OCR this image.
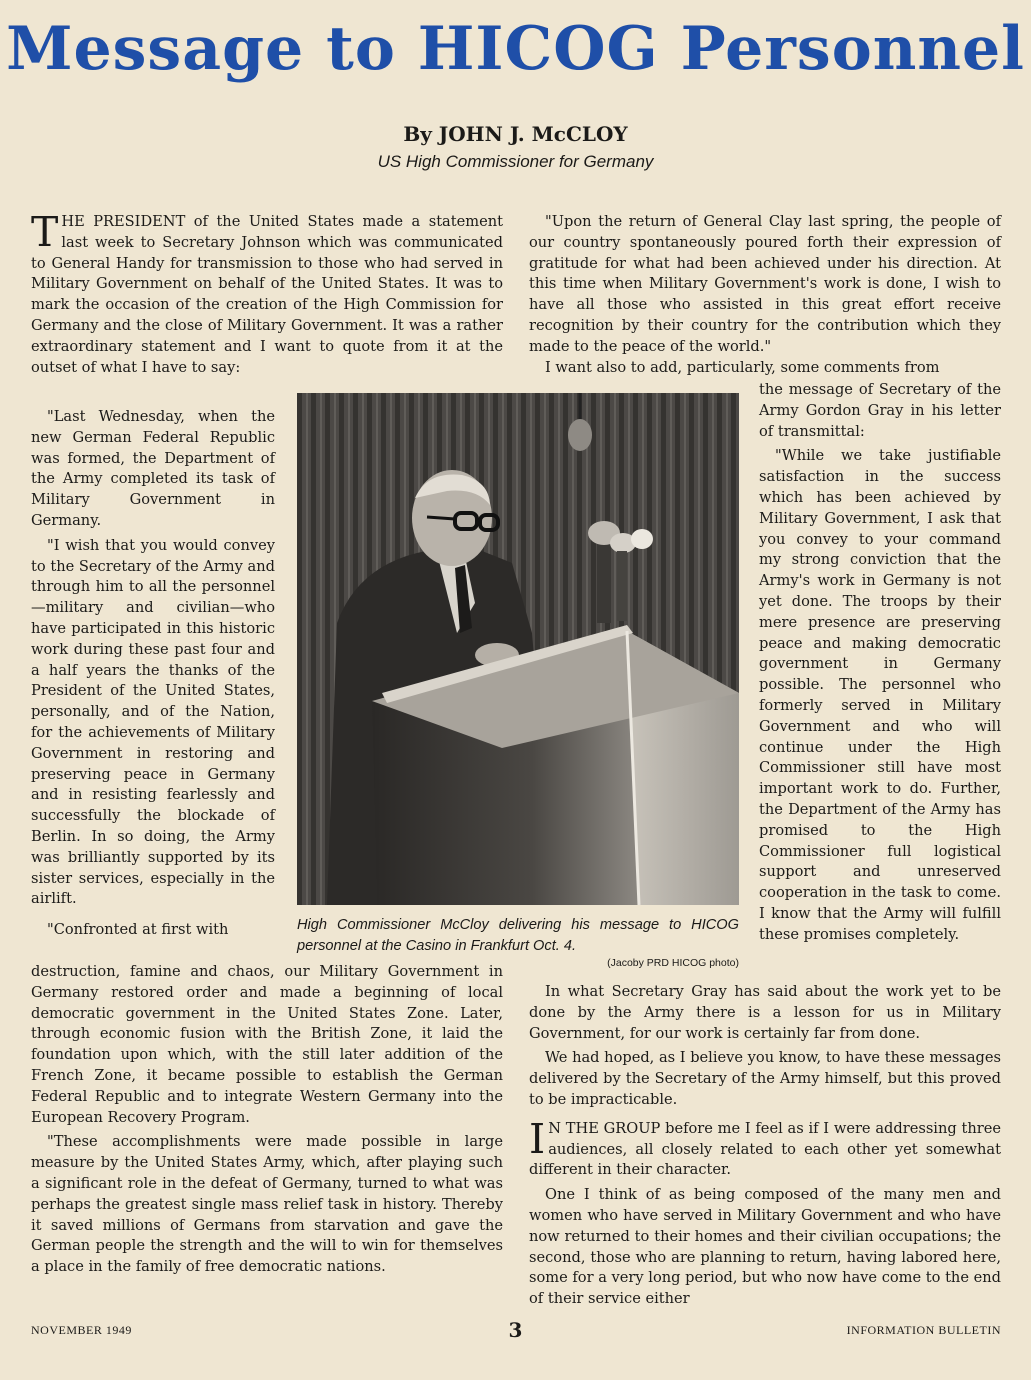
Message to HICOG Personnel
By JOHN J. McCLOY
US High Commissioner for Germany

THE PRESIDENT of the United States made a statement last week to Secretary Johnson which was communicated to General Handy for transmission to those who had served in Military Government on behalf of the United States. It was to mark the occasion of the creation of the High Commission for Germany and the close of Military Government. It was a rather extraordinary statement and I want to quote from it at the outset of what I have to say:

"Last Wednesday, when the new German Federal Republic was formed, the Department of the Army completed its task of Military Government in Germany.

"I wish that you would convey to the Secretary of the Army and through him to all the personnel—military and civilian—who have participated in this historic work during these past four and a half years the thanks of the President of the United States, personally, and of the Nation, for the achievements of Military Government in restoring and preserving peace in Germany and in resisting fearlessly and successfully the blockade of Berlin. In so doing, the Army was brilliantly supported by its sister services, especially in the airlift.

"Confronted at first with

destruction, famine and chaos, our Military Government in Germany restored order and made a beginning of local democratic government in the United States Zone. Later, through economic fusion with the British Zone, it laid the foundation upon which, with the still later addition of the French Zone, it became possible to establish the German Federal Republic and to integrate Western Germany into the European Recovery Program.

"These accomplishments were made possible in large measure by the United States Army, which, after playing such a significant role in the defeat of Germany, turned to what was perhaps the greatest single mass relief task in history. Thereby it saved millions of Germans from starvation and gave the German people the strength and the will to win for themselves a place in the family of free democratic nations.

"Upon the return of General Clay last spring, the people of our country spontaneously poured forth their expression of gratitude for what had been achieved under his direction. At this time when Military Government's work is done, I wish to have all those who assisted in this great effort receive recognition by their country for the contribution which they made to the peace of the world."

I want also to add, particularly, some comments from

the message of Secretary of the Army Gordon Gray in his letter of transmittal:

"While we take justifiable satisfaction in the success which has been achieved by Military Government, I ask that you convey to your command my strong conviction that the Army's work in Germany is not yet done. The troops by their mere presence are preserving peace and making democratic government in Germany possible. The personnel who formerly served in Military Government and who will continue under the High Commissioner still have most important work to do. Further, the Department of the Army has promised to the High Commissioner full logistical support and unreserved cooperation in the task to come. I know that the Army will fulfill these promises completely.

In what Secretary Gray has said about the work yet to be done by the Army there is a lesson for us in Military Government, for our work is certainly far from done.

We had hoped, as I believe you know, to have these messages delivered by the Secretary of the Army himself, but this proved to be impracticable.

I N THE GROUP before me I feel as if I were addressing three audiences, all closely related to each other yet somewhat different in their character.

One I think of as being composed of the many men and women who have served in Military Government and who have now returned to their homes and their civilian occupations; the second, those who are planning to return, having labored here, some for a very long period, but who now have come to the end of their service either

High Commissioner McCloy delivering his message to HICOG personnel at the Casino in Frankfurt Oct. 4.
(Jacoby PRD HICOG photo)
NOVEMBER 1949	3	INFORMATION BULLETIN
